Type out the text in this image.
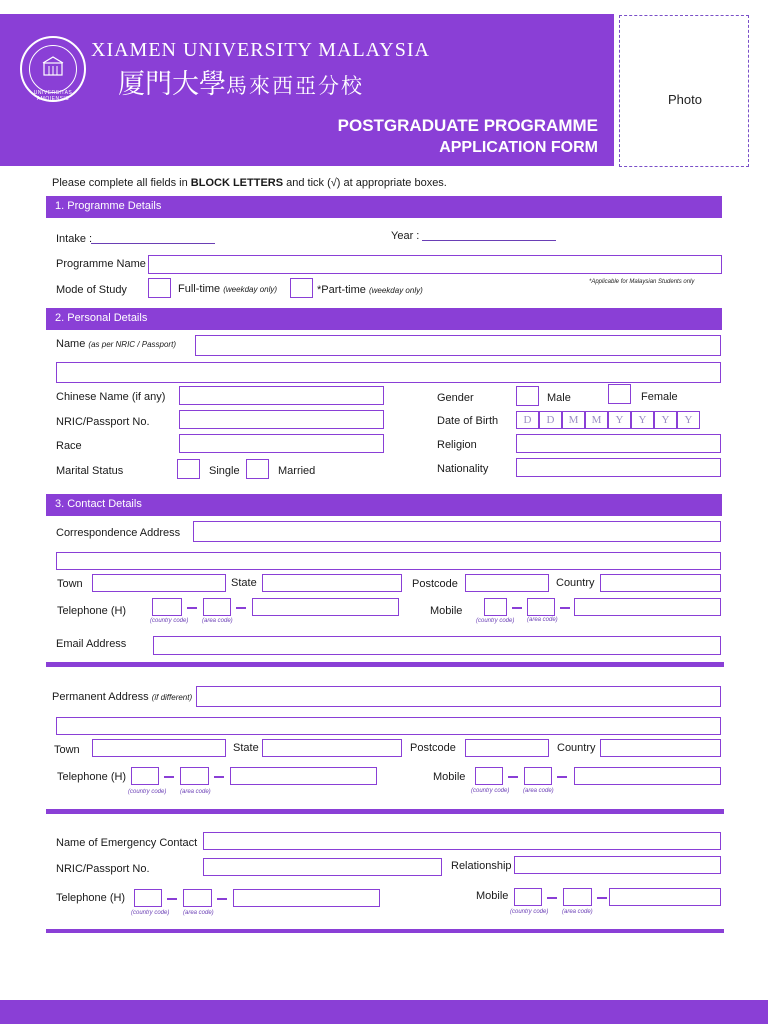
UNIVERSITAS AMOIENSIS
XIAMEN UNIVERSITY MALAYSIA
厦門大學馬來西亞分校
POSTGRADUATE PROGRAMME
APPLICATION FORM
Photo
Please complete all fields in BLOCK LETTERS and tick (√) at appropriate boxes.
1. Programme Details
Intake :	Year :
Programme Name
Mode of Study	Full-time (weekday only)	*Part-time (weekday only)
*Applicable for Malaysian Students only
2. Personal Details
Name (as per NRIC / Passport)
Chinese Name (if any)
NRIC/Passport No.
Race
Marital Status	Single	Married
Gender	Male	Female
Date of Birth	D	D	M	M	Y	Y	Y	Y
Religion
Nationality
3. Contact Details
Correspondence Address
Town	State	Postcode	Country
Telephone (H)
(country code) (area code)
Mobile
(country code) (area code)
Email Address
Permanent Address (if different)
Town	State	Postcode	Country
Telephone (H)
(country code) (area code)
Mobile
(country code) (area code)
Name of Emergency Contact
NRIC/Passport No.	Relationship
Telephone (H)
(country code) (area code)
Mobile
(country code) (area code)
